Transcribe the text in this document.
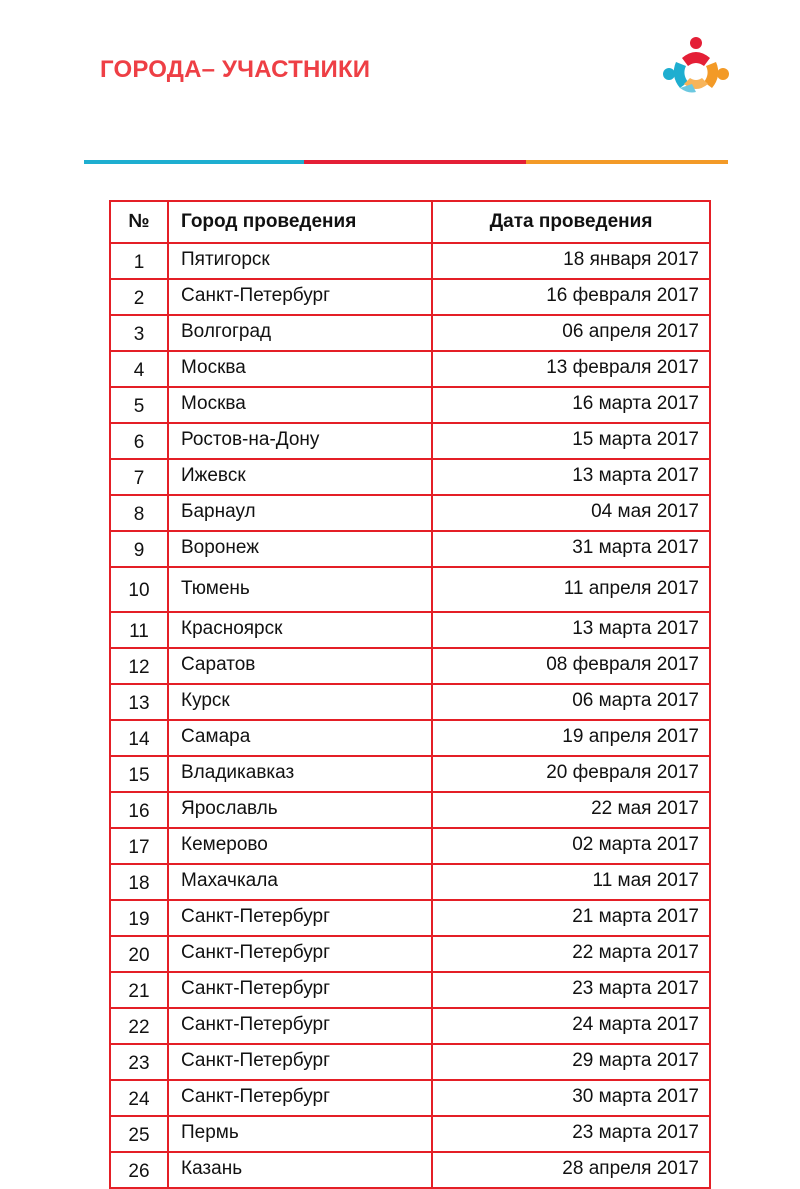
ГОРОДА– УЧАСТНИКИ
№	Город проведения	Дата проведения
1	Пятигорск	18 января 2017
2	Санкт-Петербург	16 февраля 2017
3	Волгоград	06 апреля 2017
4	Москва	13 февраля 2017
5	Москва	16 марта 2017
6	Ростов-на-Дону	15 марта 2017
7	Ижевск	13 марта 2017
8	Барнаул	04 мая 2017
9	Воронеж	31 марта 2017
10	Тюмень	11 апреля 2017
11	Красноярск	13 марта 2017
12	Саратов	08 февраля 2017
13	Курск	06 марта 2017
14	Самара	19 апреля 2017
15	Владикавказ	20 февраля 2017
16	Ярославль	22 мая 2017
17	Кемерово	02 марта 2017
18	Махачкала	11 мая 2017
19	Санкт-Петербург	21 марта 2017
20	Санкт-Петербург	22 марта 2017
21	Санкт-Петербург	23 марта 2017
22	Санкт-Петербург	24 марта 2017
23	Санкт-Петербург	29 марта 2017
24	Санкт-Петербург	30 марта 2017
25	Пермь	23 марта 2017
26	Казань	28 апреля 2017
